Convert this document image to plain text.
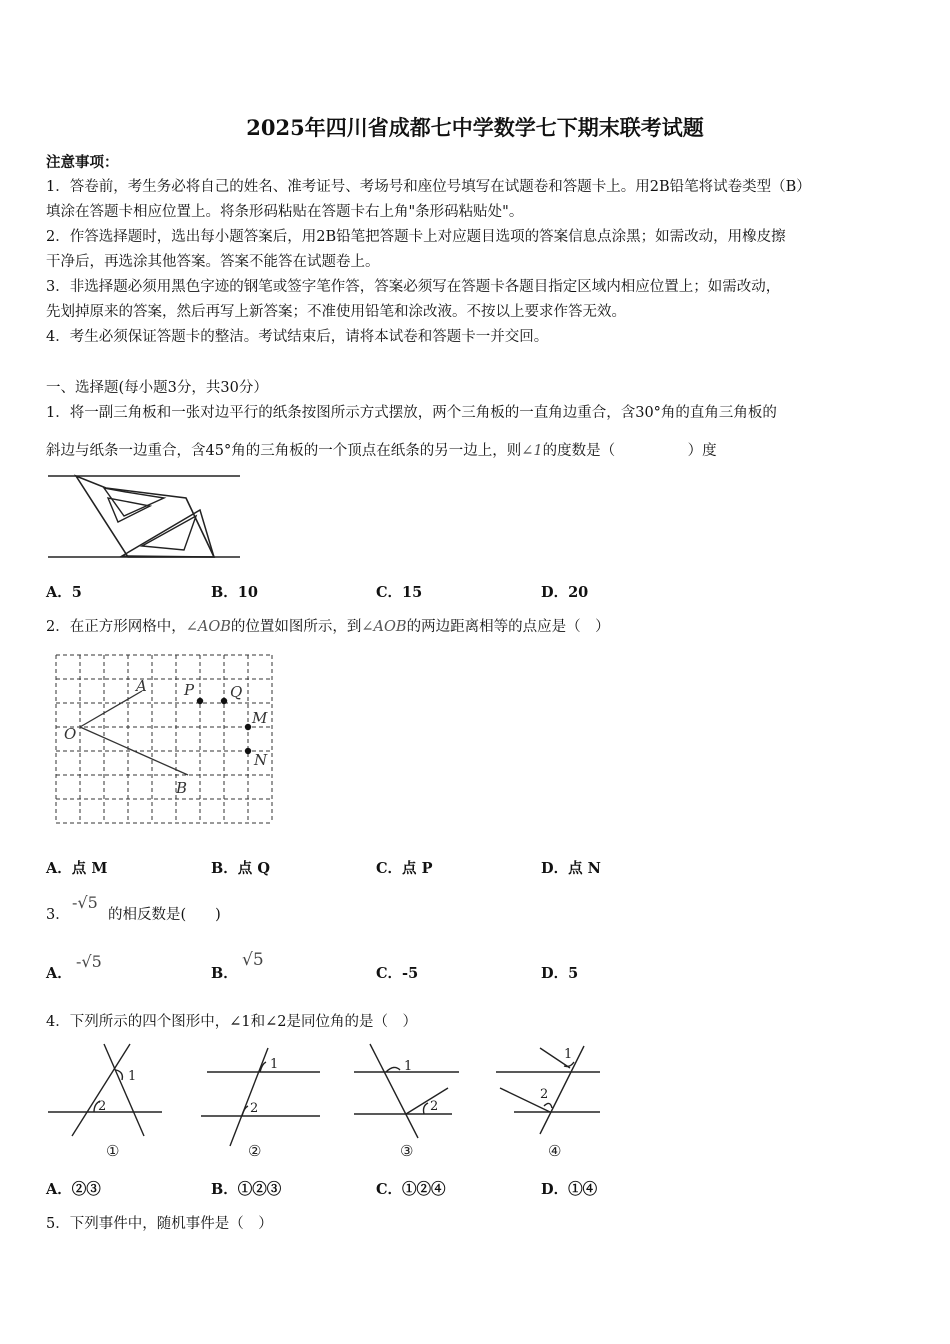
2025年四川省成都七中学数学七下期末联考试题
注意事项：
1．答卷前，考生务必将自己的姓名、准考证号、考场号和座位号填写在试题卷和答题卡上。用2B铅笔将试卷类型（B）
填涂在答题卡相应位置上。将条形码粘贴在答题卡右上角"条形码粘贴处"。
2．作答选择题时，选出每小题答案后，用2B铅笔把答题卡上对应题目选项的答案信息点涂黑；如需改动，用橡皮擦
干净后，再选涂其他答案。答案不能答在试题卷上。
3．非选择题必须用黑色字迹的钢笔或签字笔作答，答案必须写在答题卡各题目指定区域内相应位置上；如需改动，
先划掉原来的答案，然后再写上新答案；不准使用铅笔和涂改液。不按以上要求作答无效。
4．考生必须保证答题卡的整洁。考试结束后，请将本试卷和答题卡一并交回。
一、选择题(每小题3分，共30分）
1．将一副三角板和一张对边平行的纸条按图所示方式摆放，两个三角板的一直角边重合，含30°角的直角三角板的
斜边与纸条一边重合，含45°角的三角板的一个顶点在纸条的另一边上，则∠1的度数是（　　　　　）度
A．5	B．10	C．15	D．20
2．在正方形网格中，∠AOB的位置如图所示，到∠AOB的两边距离相等的点应是（　）
O
A
B
P Q
M
N
A．点 M	B．点 Q	C．点 P	D．点 N
3．
-√5
的相反数是(　　)
A．
-√5
B．
√5
C．-5	D．5
4．下列所示的四个图形中，∠1和∠2是同位角的是（　）
1
2
1
2
1
2
1
2
①	②	③	④
A．②③	B．①②③	C．①②④	D．①④
5．下列事件中，随机事件是（　）
